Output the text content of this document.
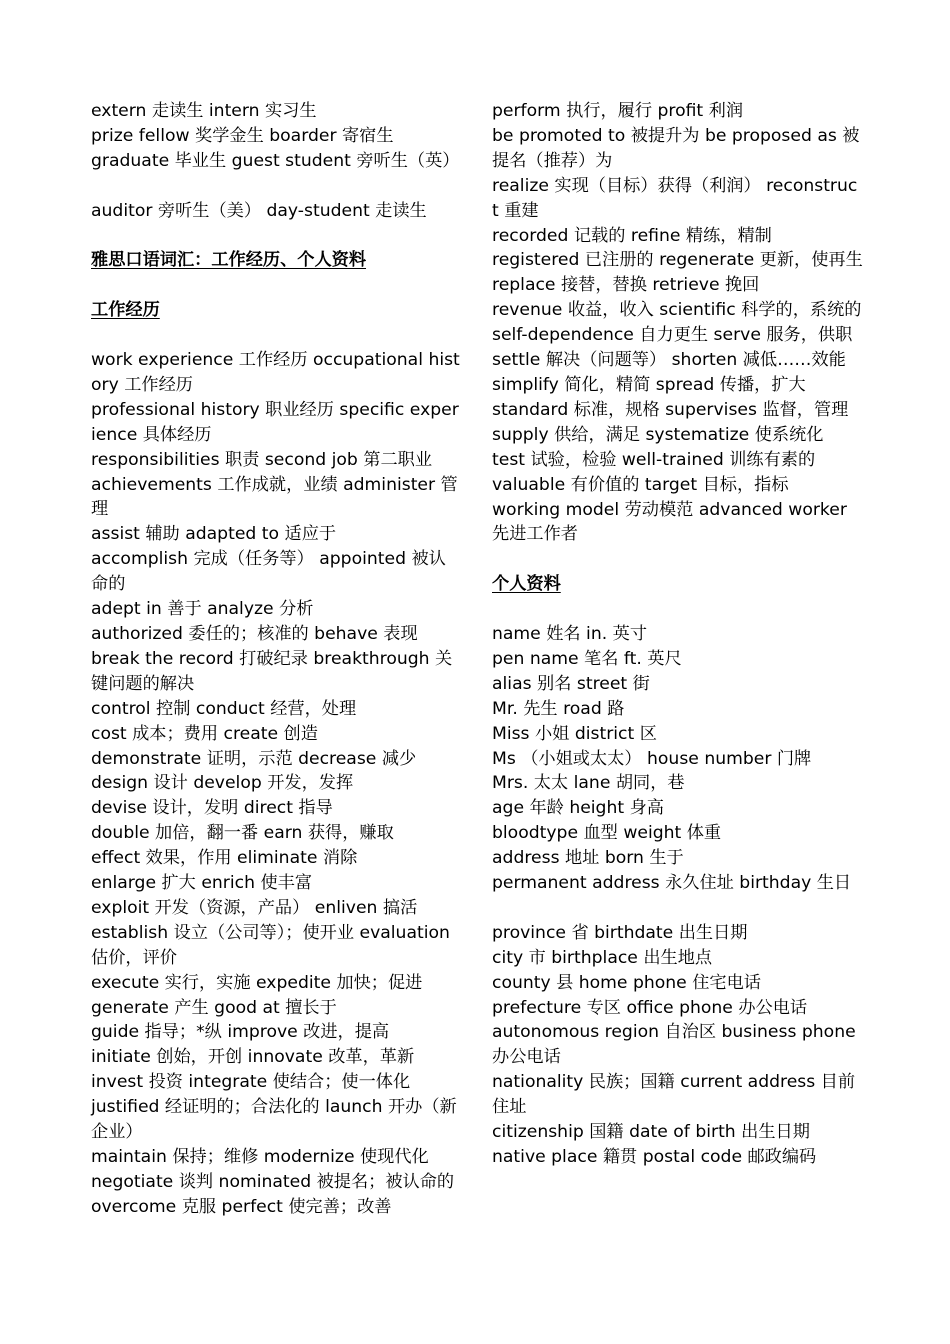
extern 走读生 intern 实习生
prize fellow 奖学金生 boarder 寄宿生
graduate 毕业生 guest student 旁听生（英）
auditor 旁听生（美） day-student 走读生
雅思口语词汇：工作经历、个人资料
工作经历
work experience 工作经历 occupational history 工作经历
professional history 职业经历 specific experience 具体经历
responsibilities 职责 second job 第二职业
achievements 工作成就，业绩 administer 管理
assist 辅助 adapted to 适应于
accomplish 完成（任务等） appointed 被认命的
adept in 善于 analyze 分析
authorized 委任的；核准的 behave 表现
break the record 打破纪录 breakthrough 关键问题的解决
control 控制 conduct 经营，处理
cost 成本；费用 create 创造
demonstrate 证明，示范 decrease 减少
design 设计 develop 开发，发挥
devise 设计，发明 direct 指导
double 加倍，翻一番 earn 获得，赚取
effect 效果，作用 eliminate 消除
enlarge 扩大 enrich 使丰富
exploit 开发（资源，产品） enliven 搞活
establish 设立（公司等）；使开业 evaluation 估价，评价
execute 实行，实施 expedite 加快；促进
generate 产生 good at 擅长于
guide 指导；*纵 improve 改进，提高
initiate 创始，开创 innovate 改革，革新
invest 投资 integrate 使结合；使一体化
justified 经证明的；合法化的 launch 开办（新企业）
maintain 保持；维修 modernize 使现代化
negotiate 谈判 nominated 被提名；被认命的
overcome 克服 perfect 使完善；改善
perform 执行，履行 profit 利润
be promoted to 被提升为 be proposed as 被提名（推荐）为
realize 实现（目标）获得（利润） reconstruct 重建
recorded 记载的 refine 精练，精制
registered 已注册的 regenerate 更新，使再生
replace 接替，替换 retrieve 挽回
revenue 收益，收入 scientific 科学的，系统的
self-dependence 自力更生 serve 服务，供职
settle 解决（问题等） shorten 减低……效能
simplify 简化，精简 spread 传播，扩大
standard 标准，规格 supervises 监督，管理
supply 供给，满足 systematize 使系统化
test 试验，检验 well-trained 训练有素的
valuable 有价值的 target 目标，指标
working model 劳动模范 advanced worker 先进工作者
个人资料
name 姓名 in. 英寸
pen name 笔名 ft. 英尺
alias 别名 street 街
Mr. 先生 road 路
Miss 小姐 district 区
Ms （小姐或太太） house number 门牌
Mrs. 太太 lane 胡同，巷
age 年龄 height 身高
bloodtype 血型 weight 体重
address 地址 born 生于
permanent address 永久住址 birthday 生日
province 省 birthdate 出生日期
city 市 birthplace 出生地点
county 县 home phone 住宅电话
prefecture 专区 office phone 办公电话
autonomous region 自治区 business phone 办公电话
nationality 民族；国籍 current address 目前住址
citizenship 国籍 date of birth 出生日期
native place 籍贯 postal code 邮政编码
